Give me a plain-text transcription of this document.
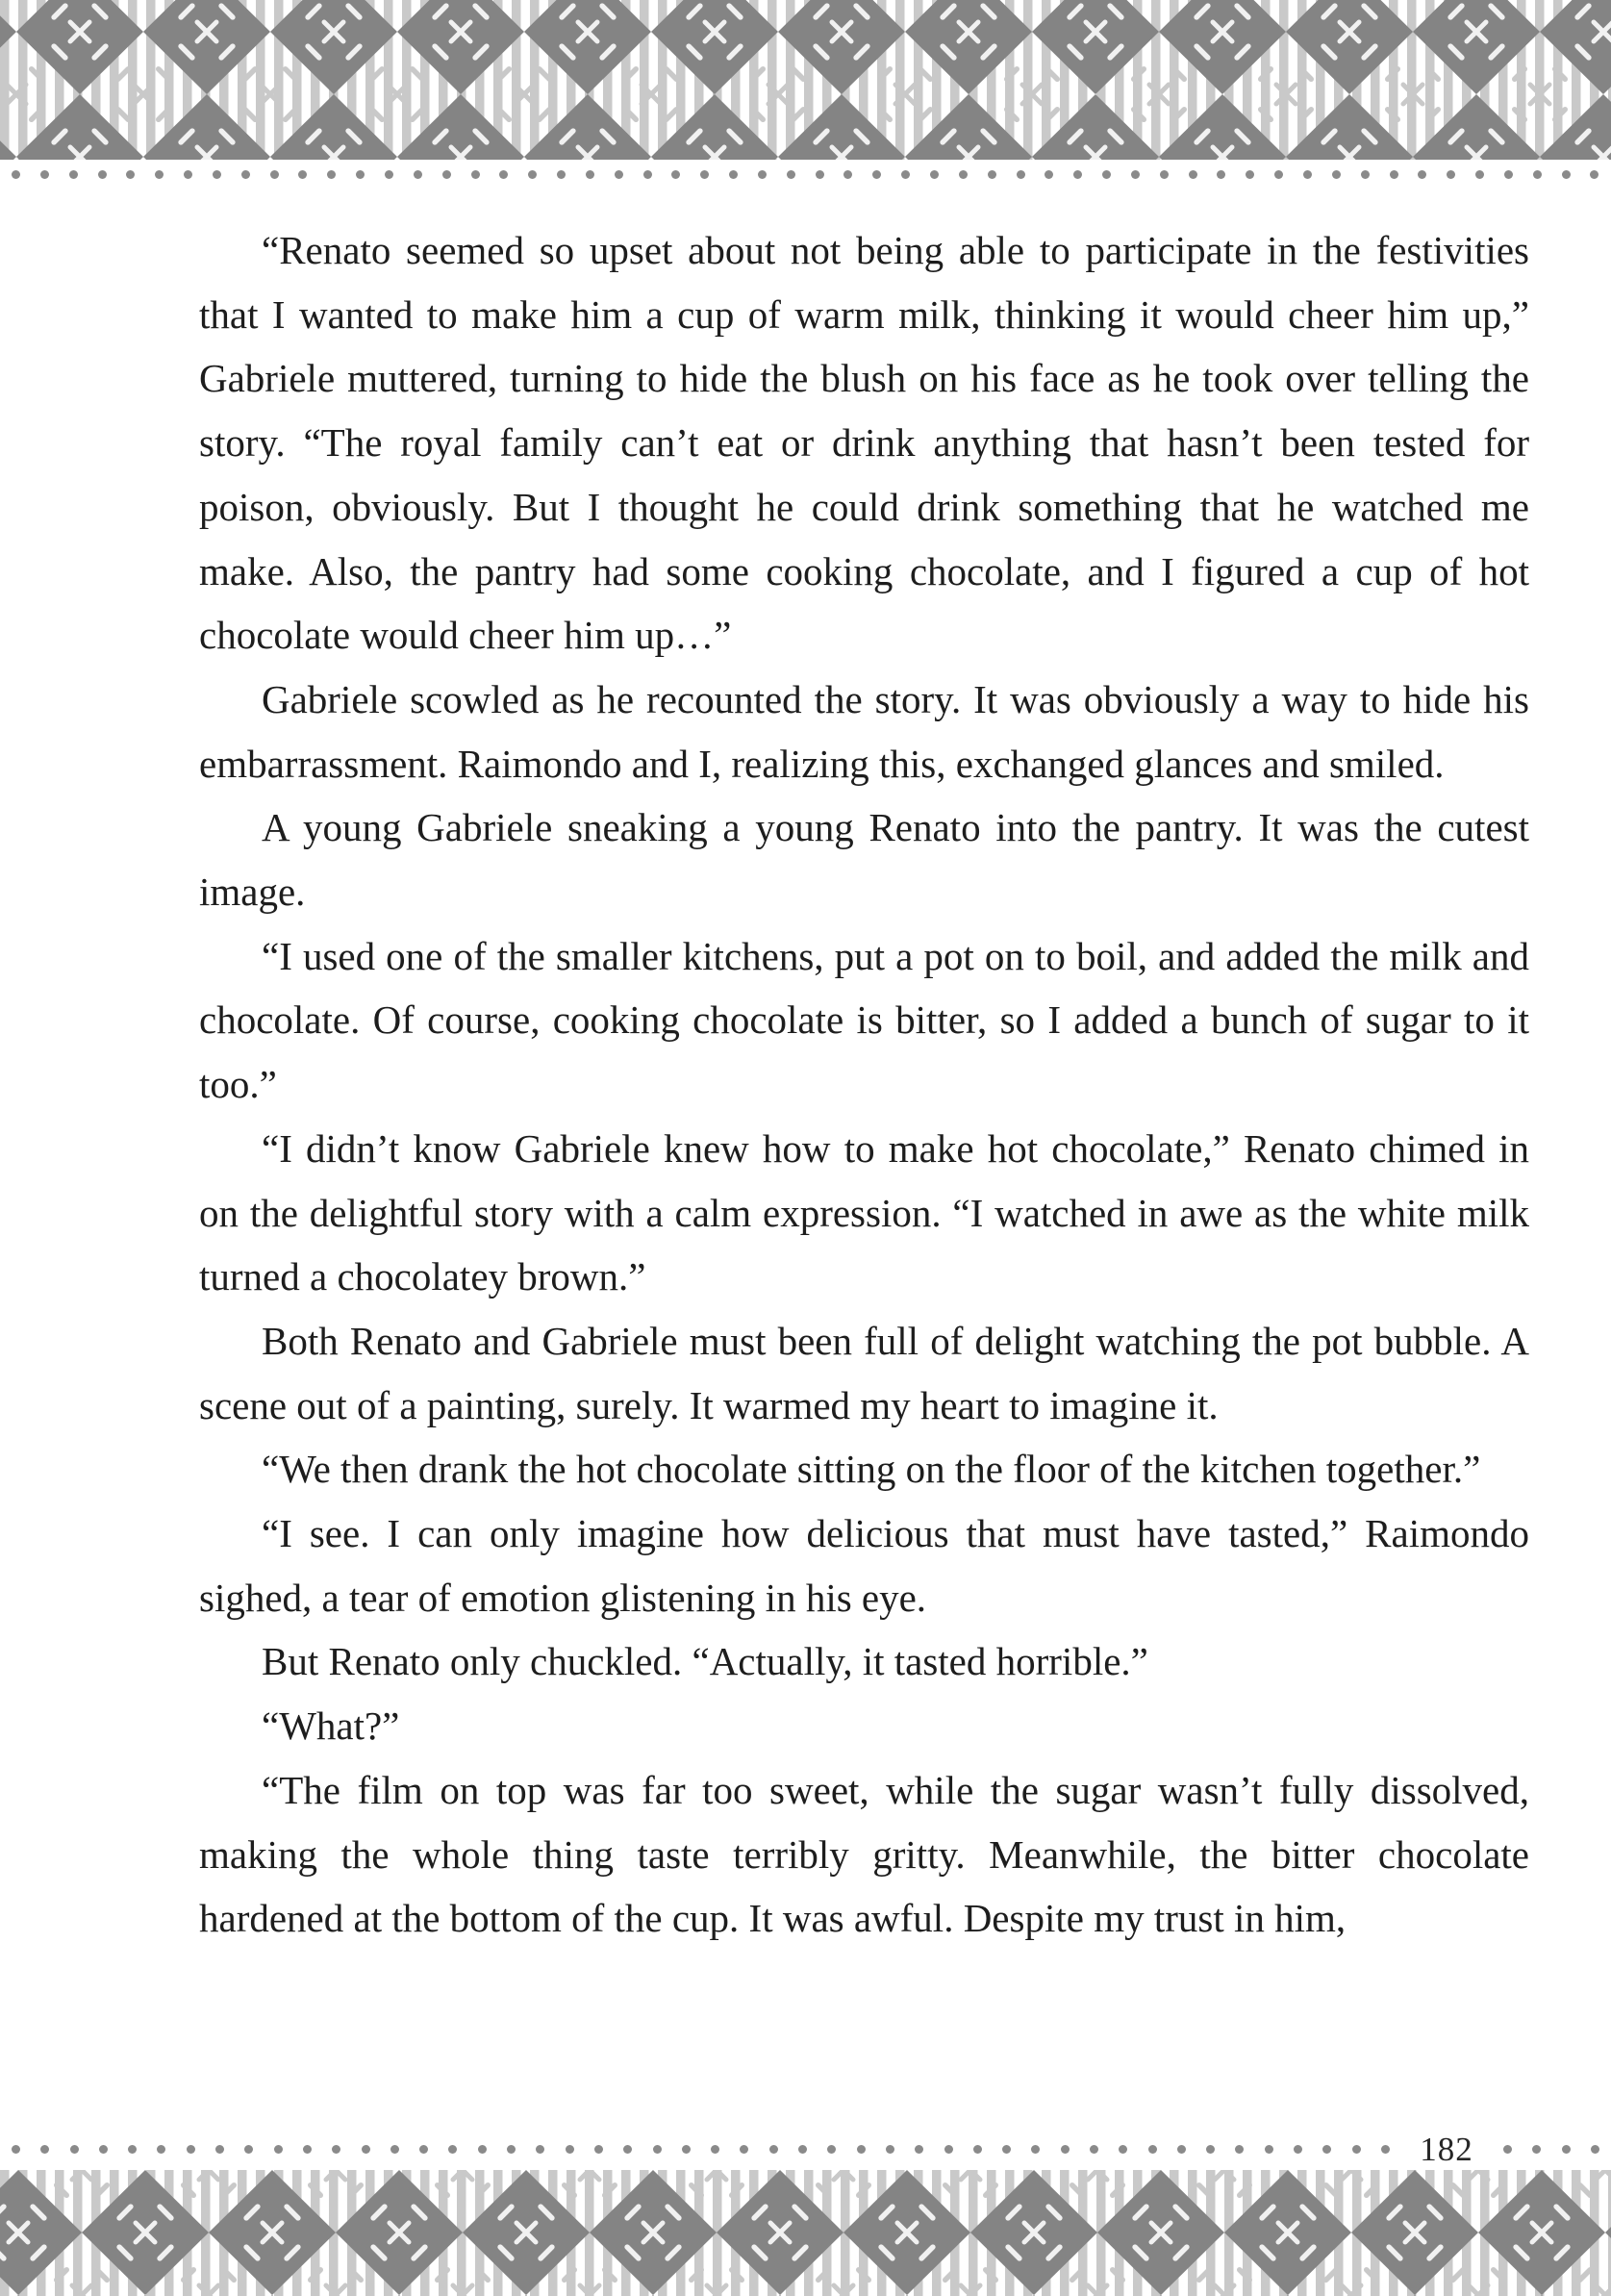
“Renato seemed so upset about not being able to participate in the festivities that I wanted to make him a cup of warm milk, thinking it would cheer him up,” Gabriele muttered, turning to hide the blush on his face as he took over telling the story. “The royal family can’t eat or drink anything that hasn’t been tested for poison, obviously. But I thought he could drink something that he watched me make. Also, the pantry had some cooking chocolate, and I figured a cup of hot chocolate would cheer him up…”

Gabriele scowled as he recounted the story. It was obviously a way to hide his embarrassment. Raimondo and I, realizing this, exchanged glances and smiled.

A young Gabriele sneaking a young Renato into the pantry. It was the cutest image.

“I used one of the smaller kitchens, put a pot on to boil, and added the milk and chocolate. Of course, cooking chocolate is bitter, so I added a bunch of sugar to it too.”

“I didn’t know Gabriele knew how to make hot chocolate,” Renato chimed in on the delightful story with a calm expression. “I watched in awe as the white milk turned a chocolatey brown.”

Both Renato and Gabriele must been full of delight watching the pot bubble. A scene out of a painting, surely. It warmed my heart to imagine it.

“We then drank the hot chocolate sitting on the floor of the kitchen together.”

“I see. I can only imagine how delicious that must have tasted,” Raimondo sighed, a tear of emotion glistening in his eye.

But Renato only chuckled. “Actually, it tasted horrible.”

“What?”

“The film on top was far too sweet, while the sugar wasn’t fully dissolved, making the whole thing taste terribly gritty. Meanwhile, the bitter chocolate hardened at the bottom of the cup. It was awful. Despite my trust in him,

182
